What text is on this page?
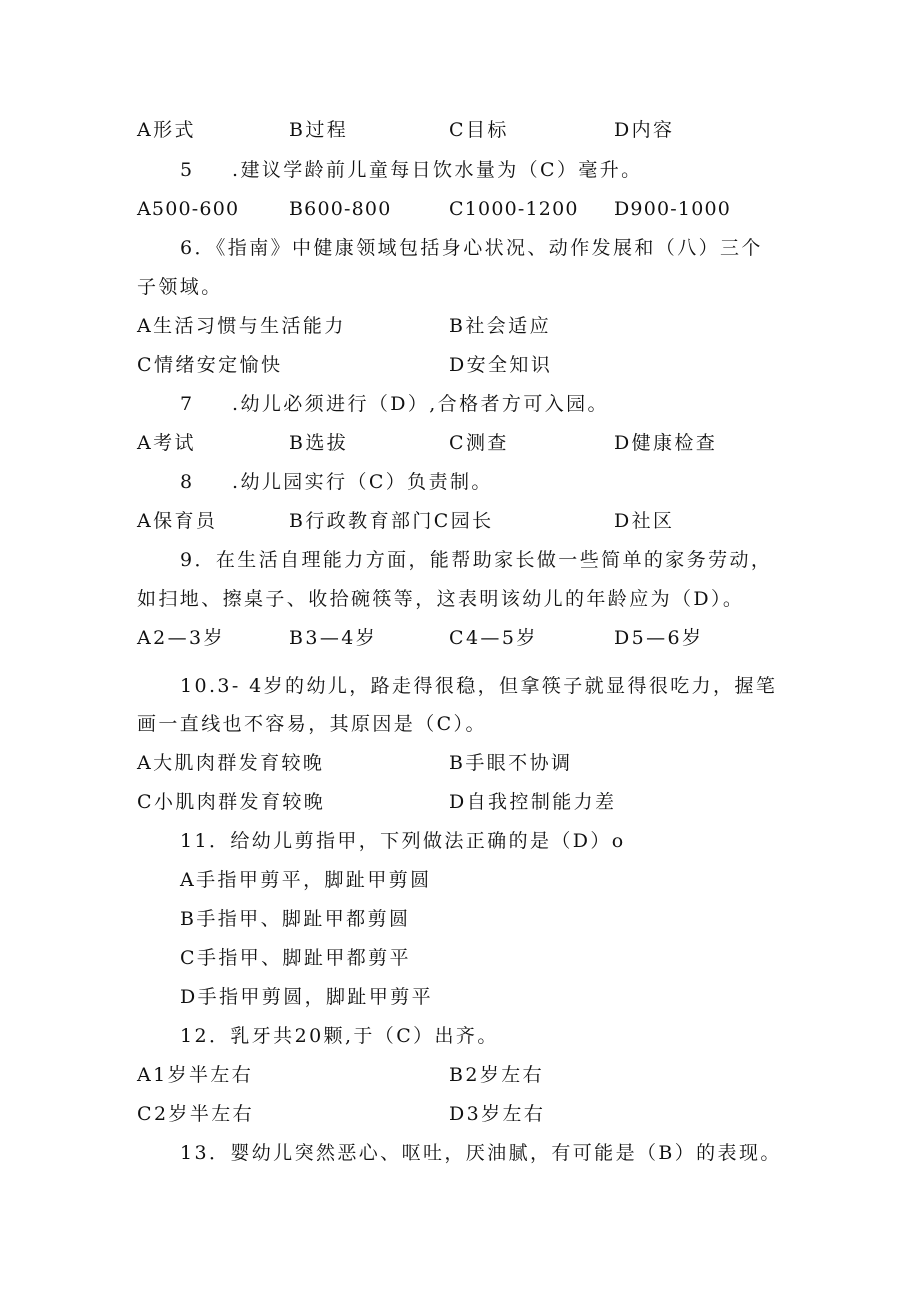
A形式	B过程	C目标	D内容
5 .建议学龄前儿童每日饮水量为（C）毫升。
A500-600	B600-800	C1000-1200 D900-1000
6．《指南》中健康领域包括身心状况、动作发展和（八）三个
子领域。
A生活习惯与生活能力	B社会适应
C情绪安定愉快	D安全知识
7 .幼儿必须进行（D）,合格者方可入园。
A考试	B选拔	C测查	D健康检查
8 .幼儿园实行（C）负责制。
A保育员	B行政教育部门C园长	D社区
9．在生活自理能力方面，能帮助家长做一些简单的家务劳动，
如扫地、擦桌子、收拾碗筷等，这表明该幼儿的年龄应为（D）。
A2—3岁	B3—4岁	C4—5岁	D5—6岁
10.3- 4岁的幼儿，路走得很稳，但拿筷子就显得很吃力，握笔
画一直线也不容易，其原因是（C）。
A大肌肉群发育较晚	B手眼不协调
C小肌肉群发育较晚	D自我控制能力差
11．给幼儿剪指甲，下列做法正确的是（D）o
A手指甲剪平，脚趾甲剪圆
B手指甲、脚趾甲都剪圆
C手指甲、脚趾甲都剪平
D手指甲剪圆，脚趾甲剪平
12．乳牙共20颗,于（C）出齐。
A1岁半左右	B2岁左右
C2岁半左右	D3岁左右
13．婴幼儿突然恶心、呕吐，厌油腻，有可能是（B）的表现。
